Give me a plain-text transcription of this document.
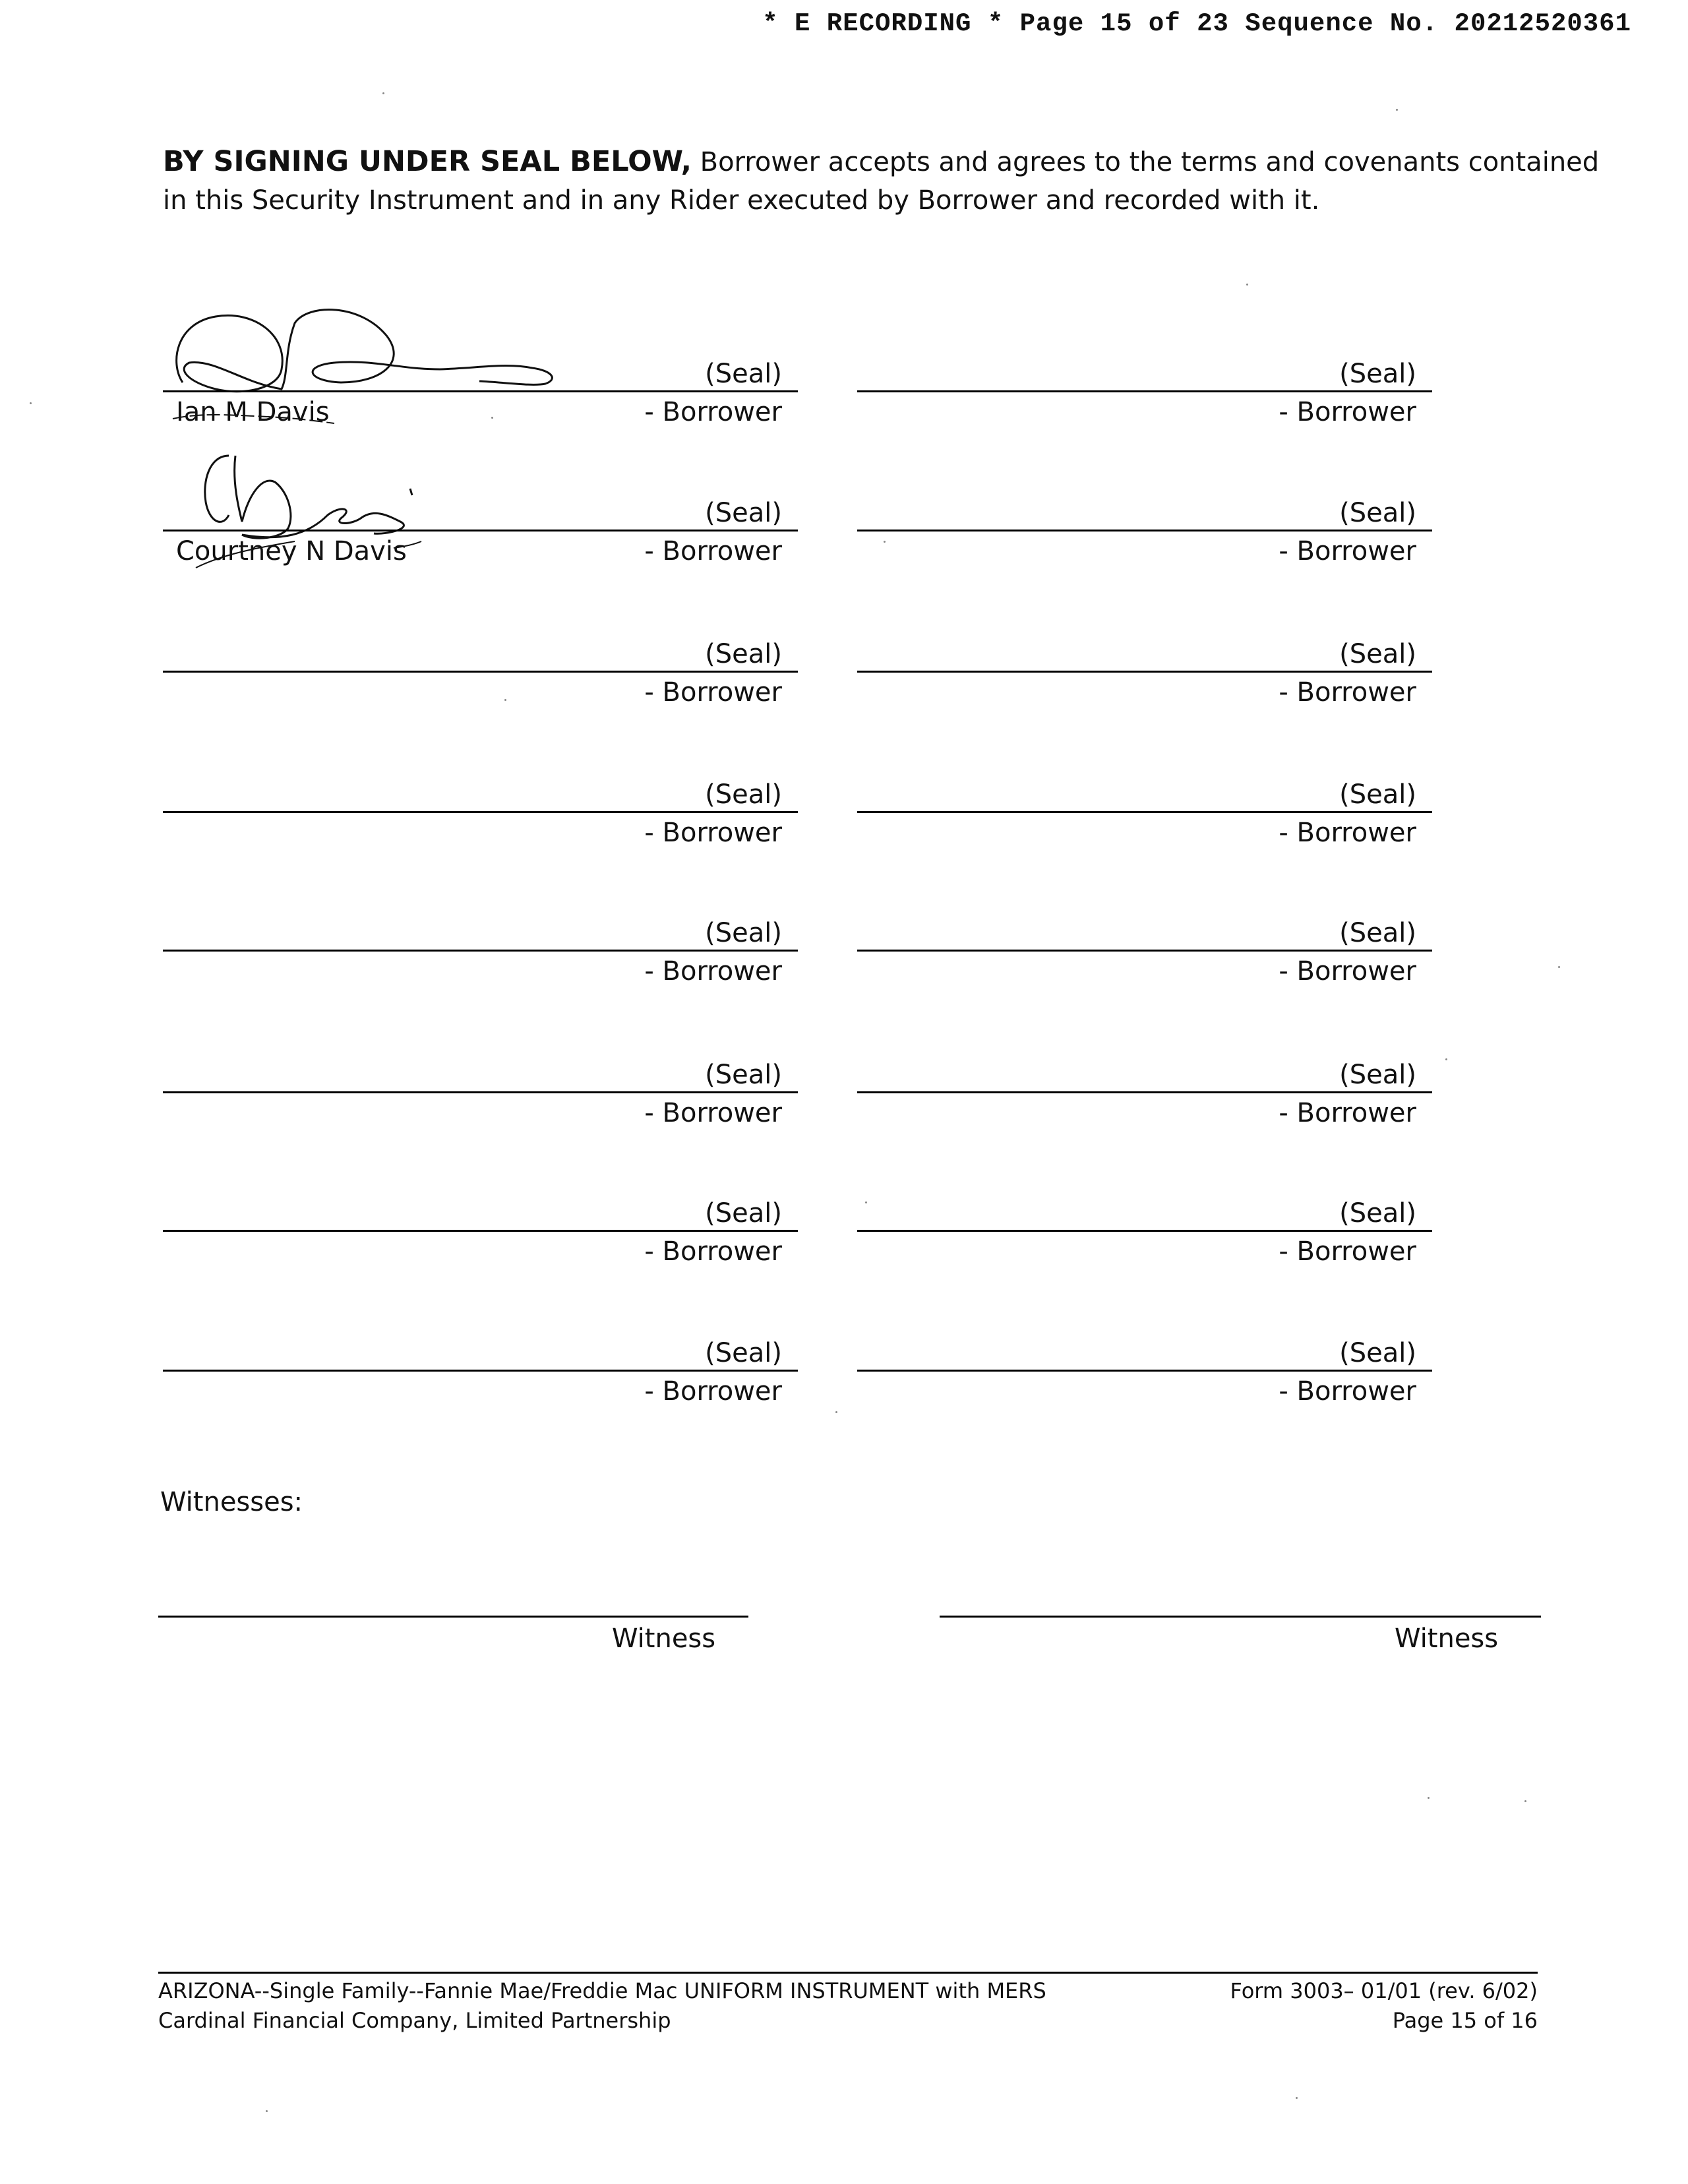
* E RECORDING * Page 15 of 23 Sequence No. 20212520361
BY SIGNING UNDER SEAL BELOW, Borrower accepts and agrees to the terms and covenants contained in this Security Instrument and in any Rider executed by Borrower and recorded with it.
(Seal)
Ian M Davis	- Borrower
(Seal)
- Borrower
(Seal)
Courtney N Davis	- Borrower
(Seal)
- Borrower
(Seal)
- Borrower
(Seal)
- Borrower
(Seal)
- Borrower
(Seal)
- Borrower
(Seal)
- Borrower
(Seal)
- Borrower
(Seal)
- Borrower
(Seal)
- Borrower
(Seal)
- Borrower
(Seal)
- Borrower
(Seal)
- Borrower
(Seal)
- Borrower
Witnesses:
Witness	Witness
ARIZONA--Single Family--Fannie Mae/Freddie Mac UNIFORM INSTRUMENT with MERS
Cardinal Financial Company, Limited Partnership
Form 3003– 01/01 (rev. 6/02)
Page 15 of 16
